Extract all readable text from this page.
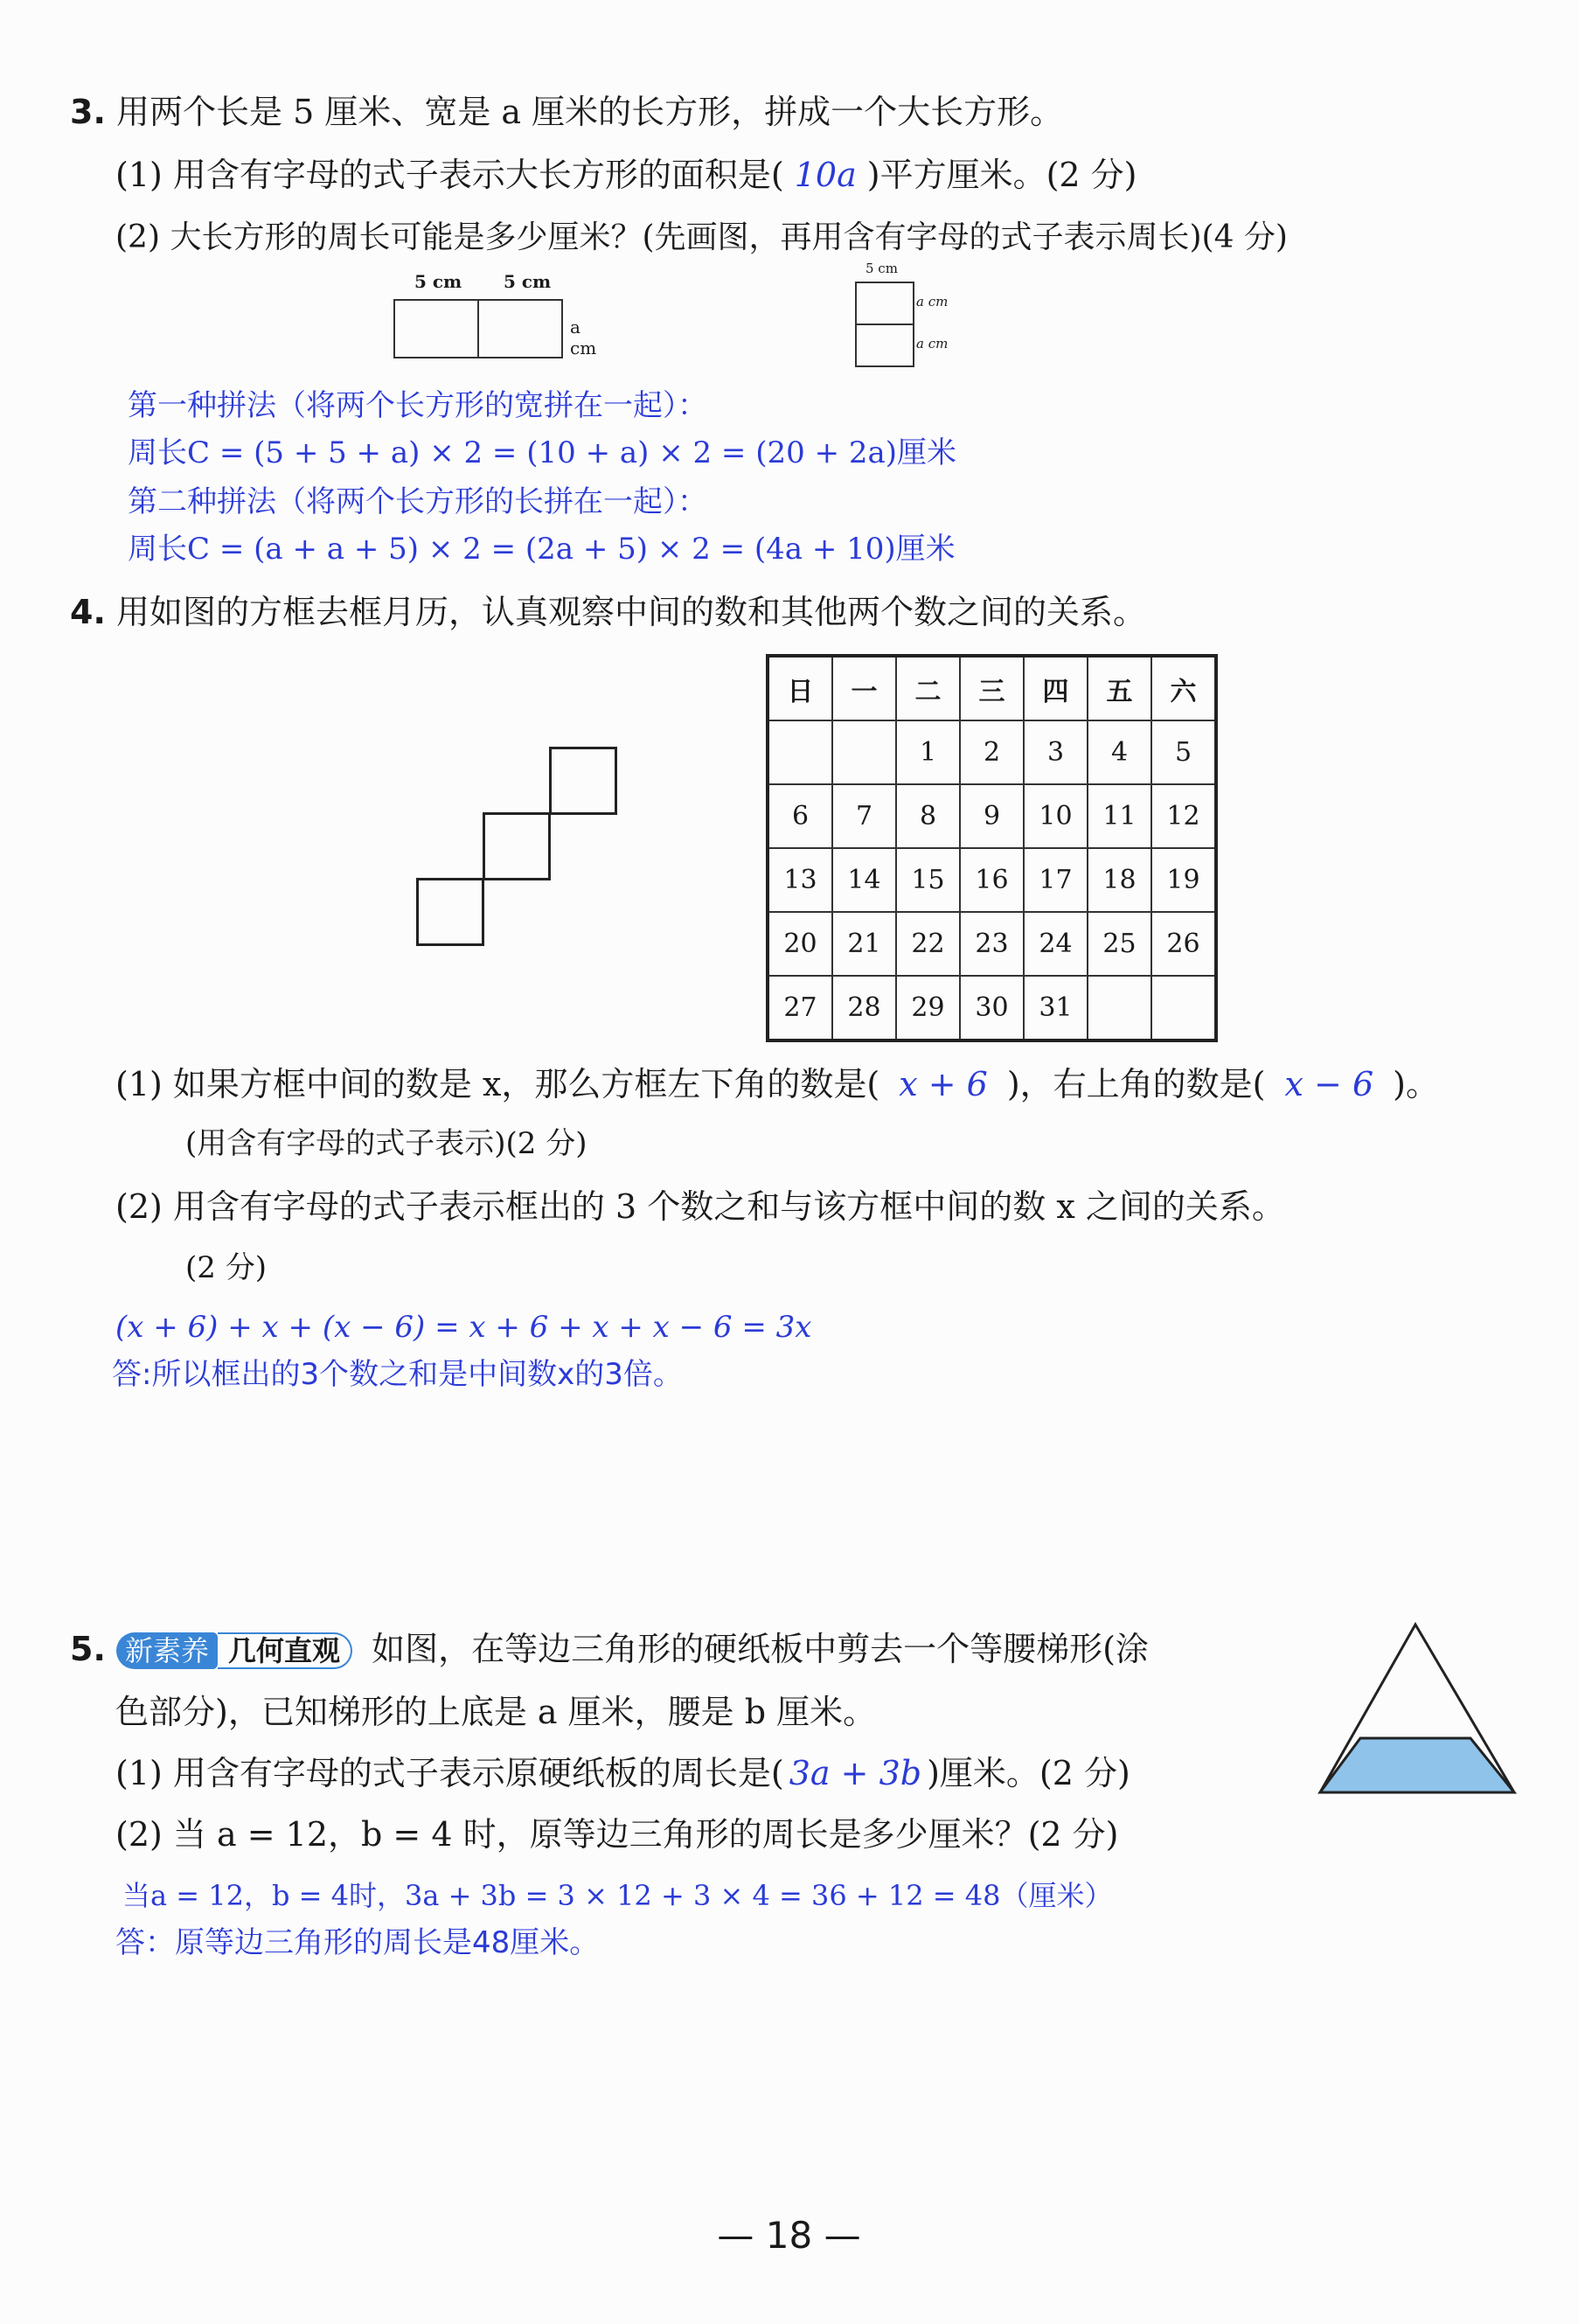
3. 用两个长是 5 厘米、宽是 a 厘米的长方形，拼成一个大长方形。
(1) 用含有字母的式子表示大长方形的面积是( 10a )平方厘米。(2 分)
(2) 大长方形的周长可能是多少厘米？(先画图，再用含有字母的式子表示周长)(4 分)
5 cm 5 cm
a cm
5 cm
a cm
a cm
第一种拼法（将两个长方形的宽拼在一起）：
周长C = (5 + 5 + a) × 2 = (10 + a) × 2 = (20 + 2a)厘米
第二种拼法（将两个长方形的长拼在一起）：
周长C = (a + a + 5) × 2 = (2a + 5) × 2 = (4a + 10)厘米
4. 用如图的方框去框月历，认真观察中间的数和其他两个数之间的关系。
日	一	二	三	四	五	六
		1	2	3	4	5
6	7	8	9	10	11	12
13	14	15	16	17	18	19
20	21	22	23	24	25	26
27	28	29	30	31		
(1) 如果方框中间的数是 x，那么方框左下角的数是( x + 6 )，右上角的数是( x − 6 )。
(用含有字母的式子表示)(2 分)
(2) 用含有字母的式子表示框出的 3 个数之和与该方框中间的数 x 之间的关系。
(2 分)
(x + 6) + x + (x − 6) = x + 6 + x + x − 6 = 3x
答:所以框出的3个数之和是中间数x的3倍。
5. 新素养 几何直观 如图，在等边三角形的硬纸板中剪去一个等腰梯形(涂
色部分)，已知梯形的上底是 a 厘米，腰是 b 厘米。
(1) 用含有字母的式子表示原硬纸板的周长是( 3a + 3b )厘米。(2 分)
(2) 当 a = 12，b = 4 时，原等边三角形的周长是多少厘米？(2 分)
当a = 12，b = 4时，3a + 3b = 3 × 12 + 3 × 4 = 36 + 12 = 48（厘米）
答：原等边三角形的周长是48厘米。
— 18 —
